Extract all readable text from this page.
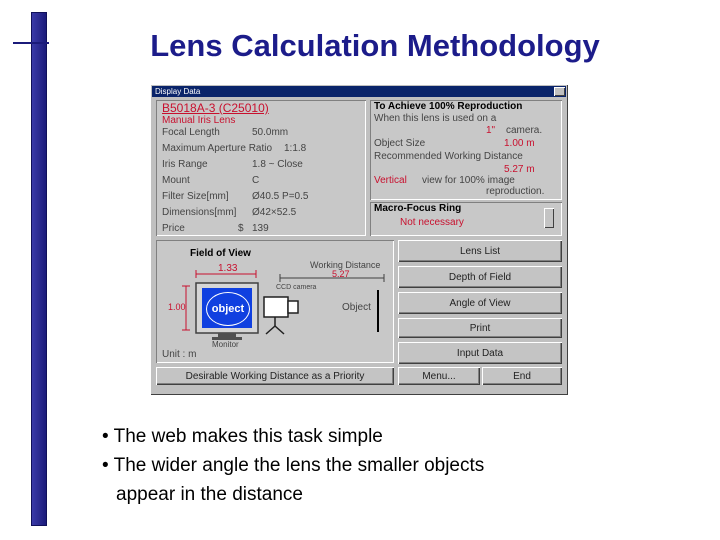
Lens Calculation Methodology
Display Data
B5018A-3 (C25010)
Manual Iris Lens
Focal Length	50.0mm
Maximum Aperture Ratio 1:1.8
Iris Range	1.8 ~ Close
Mount	C
Filter Size[mm] Ø40.5 P=0.5
Dimensions[mm] Ø42×52.5
Price	$ 139
To Achieve 100% Reproduction
When this lens is used on a
1" camera.
Object Size	1.00 m
Recommended Working Distance
5.27 m
Vertical view for 100% image
reproduction.
Macro-Focus Ring
Not necessary
Field of View
1.33	Working Distance
5.27
1.00
CCD camera
Object
Monitor
Unit : m
object
Lens List
Depth of Field
Angle of View
Print
Input Data
Desirable Working Distance as a Priority	Menu...	End
• The web makes this task simple
• The wider angle the lens the smaller objects
appear in the distance
